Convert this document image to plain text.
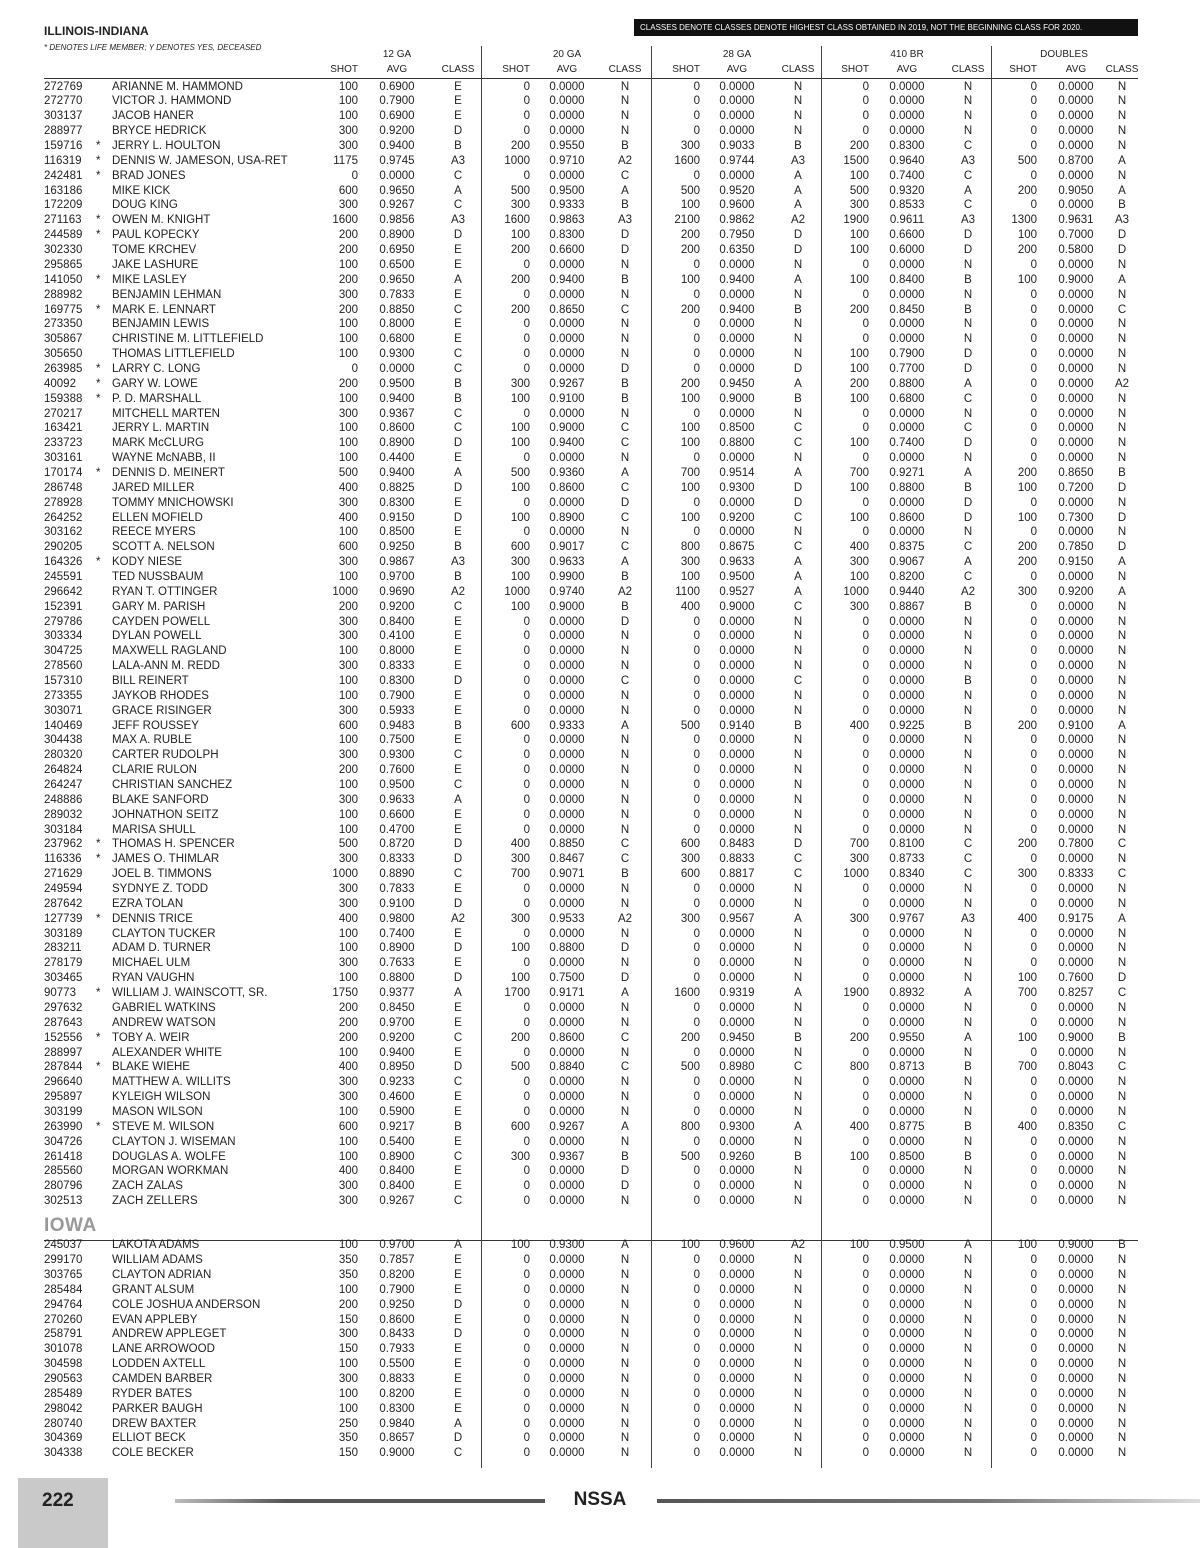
ILLINOIS-INDIANA
* DENOTES LIFE MEMBER; Y DENOTES YES, DECEASED
CLASSES DENOTE CLASSES DENOTE HIGHEST CLASS OBTAINED IN 2019, NOT THE BEGINNING CLASS FOR 2020.
12 GA	20 GA	28 GA	410 BR	DOUBLES
SHOT	AVG	CLASS	SHOT	AVG	CLASS	SHOT	AVG	CLASS	SHOT	AVG	CLASS SHOT	AVG CLASS
272769	ARIANNE M. HAMMOND	100 0.6900	E	0 0.0000	N	0 0.0000	N	0 0.0000	N	0 0.0000 N
272770	VICTOR J. HAMMOND	100 0.7900	E	0 0.0000	N	0 0.0000	N	0 0.0000	N	0 0.0000 N
303137	JACOB HANER	100 0.6900	E	0 0.0000	N	0 0.0000	N	0 0.0000	N	0 0.0000 N
288977	BRYCE HEDRICK	300 0.9200	D	0 0.0000	N	0 0.0000	N	0 0.0000	N	0 0.0000 N
159716 * JERRY L. HOULTON	300 0.9400	B	200 0.9550	B	300 0.9033	B	200 0.8300	C	0 0.0000 N
116319 * DENNIS W. JAMESON, USA-RET	1175 0.9745	A3	1000 0.9710	A2	1600 0.9744	A3	1500 0.9640	A3	500 0.8700 A
242481 * BRAD JONES	0 0.0000	C	0 0.0000	C	0 0.0000	A	100 0.7400	C	0 0.0000 N
163186	MIKE KICK	600 0.9650	A	500 0.9500	A	500 0.9520	A	500 0.9320	A	200 0.9050 A
172209	DOUG KING	300 0.9267	C	300 0.9333	B	100 0.9600	A	300 0.8533	C	0 0.0000 B
271163 * OWEN M. KNIGHT	1600 0.9856	A3	1600 0.9863	A3	2100 0.9862	A2	1900 0.9611	A3	1300 0.9631 A3
244589 * PAUL KOPECKY	200 0.8900	D	100 0.8300	D	200 0.7950	D	100 0.6600	D	100 0.7000 D
302330	TOME KRCHEV	200 0.6950	E	200 0.6600	D	200 0.6350	D	100 0.6000	D	200 0.5800 D
295865	JAKE LASHURE	100 0.6500	E	0 0.0000	N	0 0.0000	N	0 0.0000	N	0 0.0000 N
141050 * MIKE LASLEY	200 0.9650	A	200 0.9400	B	100 0.9400	A	100 0.8400	B	100 0.9000 A
288982	BENJAMIN LEHMAN	300 0.7833	E	0 0.0000	N	0 0.0000	N	0 0.0000	N	0 0.0000 N
169775 * MARK E. LENNART	200 0.8850	C	200 0.8650	C	200 0.9400	B	200 0.8450	B	0 0.0000 C
273350	BENJAMIN LEWIS	100 0.8000	E	0 0.0000	N	0 0.0000	N	0 0.0000	N	0 0.0000 N
305867	CHRISTINE M. LITTLEFIELD	100 0.6800	E	0 0.0000	N	0 0.0000	N	0 0.0000	N	0 0.0000 N
305650	THOMAS LITTLEFIELD	100 0.9300	C	0 0.0000	N	0 0.0000	N	100 0.7900	D	0 0.0000 N
263985 * LARRY C. LONG	0 0.0000	C	0 0.0000	D	0 0.0000	D	100 0.7700	D	0 0.0000 N
40092 * GARY W. LOWE	200 0.9500	B	300 0.9267	B	200 0.9450	A	200 0.8800	A	0 0.0000 A2
159388 * P. D. MARSHALL	100 0.9400	B	100 0.9100	B	100 0.9000	B	100 0.6800	C	0 0.0000 N
270217	MITCHELL MARTEN	300 0.9367	C	0 0.0000	N	0 0.0000	N	0 0.0000	N	0 0.0000 N
163421	JERRY L. MARTIN	100 0.8600	C	100 0.9000	C	100 0.8500	C	0 0.0000	C	0 0.0000 N
233723	MARK McCLURG	100 0.8900	D	100 0.9400	C	100 0.8800	C	100 0.7400	D	0 0.0000 N
303161	WAYNE McNABB, II	100 0.4400	E	0 0.0000	N	0 0.0000	N	0 0.0000	N	0 0.0000 N
170174 * DENNIS D. MEINERT	500 0.9400	A	500 0.9360	A	700 0.9514	A	700 0.9271	A	200 0.8650 B
286748	JARED MILLER	400 0.8825	D	100 0.8600	C	100 0.9300	D	100 0.8800	B	100 0.7200 D
278928	TOMMY MNICHOWSKI	300 0.8300	E	0 0.0000	D	0 0.0000	D	0 0.0000	D	0 0.0000 N
264252	ELLEN MOFIELD	400 0.9150	D	100 0.8900	C	100 0.9200	C	100 0.8600	D	100 0.7300 D
303162	REECE MYERS	100 0.8500	E	0 0.0000	N	0 0.0000	N	0 0.0000	N	0 0.0000 N
290205	SCOTT A. NELSON	600 0.9250	B	600 0.9017	C	800 0.8675	C	400 0.8375	C	200 0.7850 D
164326 * KODY NIESE	300 0.9867	A3	300 0.9633	A	300 0.9633	A	300 0.9067	A	200 0.9150 A
245591	TED NUSSBAUM	100 0.9700	B	100 0.9900	B	100 0.9500	A	100 0.8200	C	0 0.0000 N
296642	RYAN T. OTTINGER	1000 0.9690	A2	1000 0.9740	A2	1100 0.9527	A	1000 0.9440	A2	300 0.9200 A
152391	GARY M. PARISH	200 0.9200	C	100 0.9000	B	400 0.9000	C	300 0.8867	B	0 0.0000 N
279786	CAYDEN POWELL	300 0.8400	E	0 0.0000	D	0 0.0000	N	0 0.0000	N	0 0.0000 N
303334	DYLAN POWELL	300 0.4100	E	0 0.0000	N	0 0.0000	N	0 0.0000	N	0 0.0000 N
304725	MAXWELL RAGLAND	100 0.8000	E	0 0.0000	N	0 0.0000	N	0 0.0000	N	0 0.0000 N
278560	LALA-ANN M. REDD	300 0.8333	E	0 0.0000	N	0 0.0000	N	0 0.0000	N	0 0.0000 N
157310	BILL REINERT	100 0.8300	D	0 0.0000	C	0 0.0000	C	0 0.0000	B	0 0.0000 N
273355	JAYKOB RHODES	100 0.7900	E	0 0.0000	N	0 0.0000	N	0 0.0000	N	0 0.0000 N
303071	GRACE RISINGER	300 0.5933	E	0 0.0000	N	0 0.0000	N	0 0.0000	N	0 0.0000 N
140469	JEFF ROUSSEY	600 0.9483	B	600 0.9333	A	500 0.9140	B	400 0.9225	B	200 0.9100 A
304438	MAX A. RUBLE	100 0.7500	E	0 0.0000	N	0 0.0000	N	0 0.0000	N	0 0.0000 N
280320	CARTER RUDOLPH	300 0.9300	C	0 0.0000	N	0 0.0000	N	0 0.0000	N	0 0.0000 N
264824	CLARIE RULON	200 0.7600	E	0 0.0000	N	0 0.0000	N	0 0.0000	N	0 0.0000 N
264247	CHRISTIAN SANCHEZ	100 0.9500	C	0 0.0000	N	0 0.0000	N	0 0.0000	N	0 0.0000 N
248886	BLAKE SANFORD	300 0.9633	A	0 0.0000	N	0 0.0000	N	0 0.0000	N	0 0.0000 N
289032	JOHNATHON SEITZ	100 0.6600	E	0 0.0000	N	0 0.0000	N	0 0.0000	N	0 0.0000 N
303184	MARISA SHULL	100 0.4700	E	0 0.0000	N	0 0.0000	N	0 0.0000	N	0 0.0000 N
237962 * THOMAS H. SPENCER	500 0.8720	D	400 0.8850	C	600 0.8483	D	700 0.8100	C	200 0.7800 C
116336 * JAMES O. THIMLAR	300 0.8333	D	300 0.8467	C	300 0.8833	C	300 0.8733	C	0 0.0000 N
271629	JOEL B. TIMMONS	1000 0.8890	C	700 0.9071	B	600 0.8817	C	1000 0.8340	C	300 0.8333 C
249594	SYDNYE Z. TODD	300 0.7833	E	0 0.0000	N	0 0.0000	N	0 0.0000	N	0 0.0000 N
287642	EZRA TOLAN	300 0.9100	D	0 0.0000	N	0 0.0000	N	0 0.0000	N	0 0.0000 N
127739 * DENNIS TRICE	400 0.9800	A2	300 0.9533	A2	300 0.9567	A	300 0.9767	A3	400 0.9175 A
303189	CLAYTON TUCKER	100 0.7400	E	0 0.0000	N	0 0.0000	N	0 0.0000	N	0 0.0000 N
283211	ADAM D. TURNER	100 0.8900	D	100 0.8800	D	0 0.0000	N	0 0.0000	N	0 0.0000 N
278179	MICHAEL ULM	300 0.7633	E	0 0.0000	N	0 0.0000	N	0 0.0000	N	0 0.0000 N
303465	RYAN VAUGHN	100 0.8800	D	100 0.7500	D	0 0.0000	N	0 0.0000	N	100 0.7600 D
90773 * WILLIAM J. WAINSCOTT, SR.	1750 0.9377	A	1700 0.9171	A	1600 0.9319	A	1900 0.8932	A	700 0.8257 C
297632	GABRIEL WATKINS	200 0.8450	E	0 0.0000	N	0 0.0000	N	0 0.0000	N	0 0.0000 N
287643	ANDREW WATSON	200 0.9700	E	0 0.0000	N	0 0.0000	N	0 0.0000	N	0 0.0000 N
152556 * TOBY A. WEIR	200 0.9200	C	200 0.8600	C	200 0.9450	B	200 0.9550	A	100 0.9000 B
288997	ALEXANDER WHITE	100 0.9400	E	0 0.0000	N	0 0.0000	N	0 0.0000	N	0 0.0000 N
287844 * BLAKE WIEHE	400 0.8950	D	500 0.8840	C	500 0.8980	C	800 0.8713	B	700 0.8043 C
296640	MATTHEW A. WILLITS	300 0.9233	C	0 0.0000	N	0 0.0000	N	0 0.0000	N	0 0.0000 N
295897	KYLEIGH WILSON	300 0.4600	E	0 0.0000	N	0 0.0000	N	0 0.0000	N	0 0.0000 N
303199	MASON WILSON	100 0.5900	E	0 0.0000	N	0 0.0000	N	0 0.0000	N	0 0.0000 N
263990 * STEVE M. WILSON	600 0.9217	B	600 0.9267	A	800 0.9300	A	400 0.8775	B	400 0.8350 C
304726	CLAYTON J. WISEMAN	100 0.5400	E	0 0.0000	N	0 0.0000	N	0 0.0000	N	0 0.0000 N
261418	DOUGLAS A. WOLFE	100 0.8900	C	300 0.9367	B	500 0.9260	B	100 0.8500	B	0 0.0000 N
285560	MORGAN WORKMAN	400 0.8400	E	0 0.0000	D	0 0.0000	N	0 0.0000	N	0 0.0000 N
280796	ZACH ZALAS	300 0.8400	E	0 0.0000	D	0 0.0000	N	0 0.0000	N	0 0.0000 N
302513	ZACH ZELLERS	300 0.9267	C	0 0.0000	N	0 0.0000	N	0 0.0000	N	0 0.0000 N
245037	LAKOTA ADAMS	100 0.9700	A	100 0.9300	A	100 0.9600	A2	100 0.9500	A	100 0.9000 B
299170	WILLIAM ADAMS	350 0.7857	E	0 0.0000	N	0 0.0000	N	0 0.0000	N	0 0.0000 N
303765	CLAYTON ADRIAN	350 0.8200	E	0 0.0000	N	0 0.0000	N	0 0.0000	N	0 0.0000 N
285484	GRANT ALSUM	100 0.7900	E	0 0.0000	N	0 0.0000	N	0 0.0000	N	0 0.0000 N
294764	COLE JOSHUA ANDERSON	200 0.9250	D	0 0.0000	N	0 0.0000	N	0 0.0000	N	0 0.0000 N
270260	EVAN APPLEBY	150 0.8600	E	0 0.0000	N	0 0.0000	N	0 0.0000	N	0 0.0000 N
258791	ANDREW APPLEGET	300 0.8433	D	0 0.0000	N	0 0.0000	N	0 0.0000	N	0 0.0000 N
301078	LANE ARROWOOD	150 0.7933	E	0 0.0000	N	0 0.0000	N	0 0.0000	N	0 0.0000 N
304598	LODDEN AXTELL	100 0.5500	E	0 0.0000	N	0 0.0000	N	0 0.0000	N	0 0.0000 N
290563	CAMDEN BARBER	300 0.8833	E	0 0.0000	N	0 0.0000	N	0 0.0000	N	0 0.0000 N
285489	RYDER BATES	100 0.8200	E	0 0.0000	N	0 0.0000	N	0 0.0000	N	0 0.0000 N
298042	PARKER BAUGH	100 0.8300	E	0 0.0000	N	0 0.0000	N	0 0.0000	N	0 0.0000 N
280740	DREW BAXTER	250 0.9840	A	0 0.0000	N	0 0.0000	N	0 0.0000	N	0 0.0000 N
304369	ELLIOT BECK	350 0.8657	D	0 0.0000	N	0 0.0000	N	0 0.0000	N	0 0.0000 N
304338	COLE BECKER	150 0.9000	C	0 0.0000	N	0 0.0000	N	0 0.0000	N	0 0.0000 N
IOWA
222	NSSA
